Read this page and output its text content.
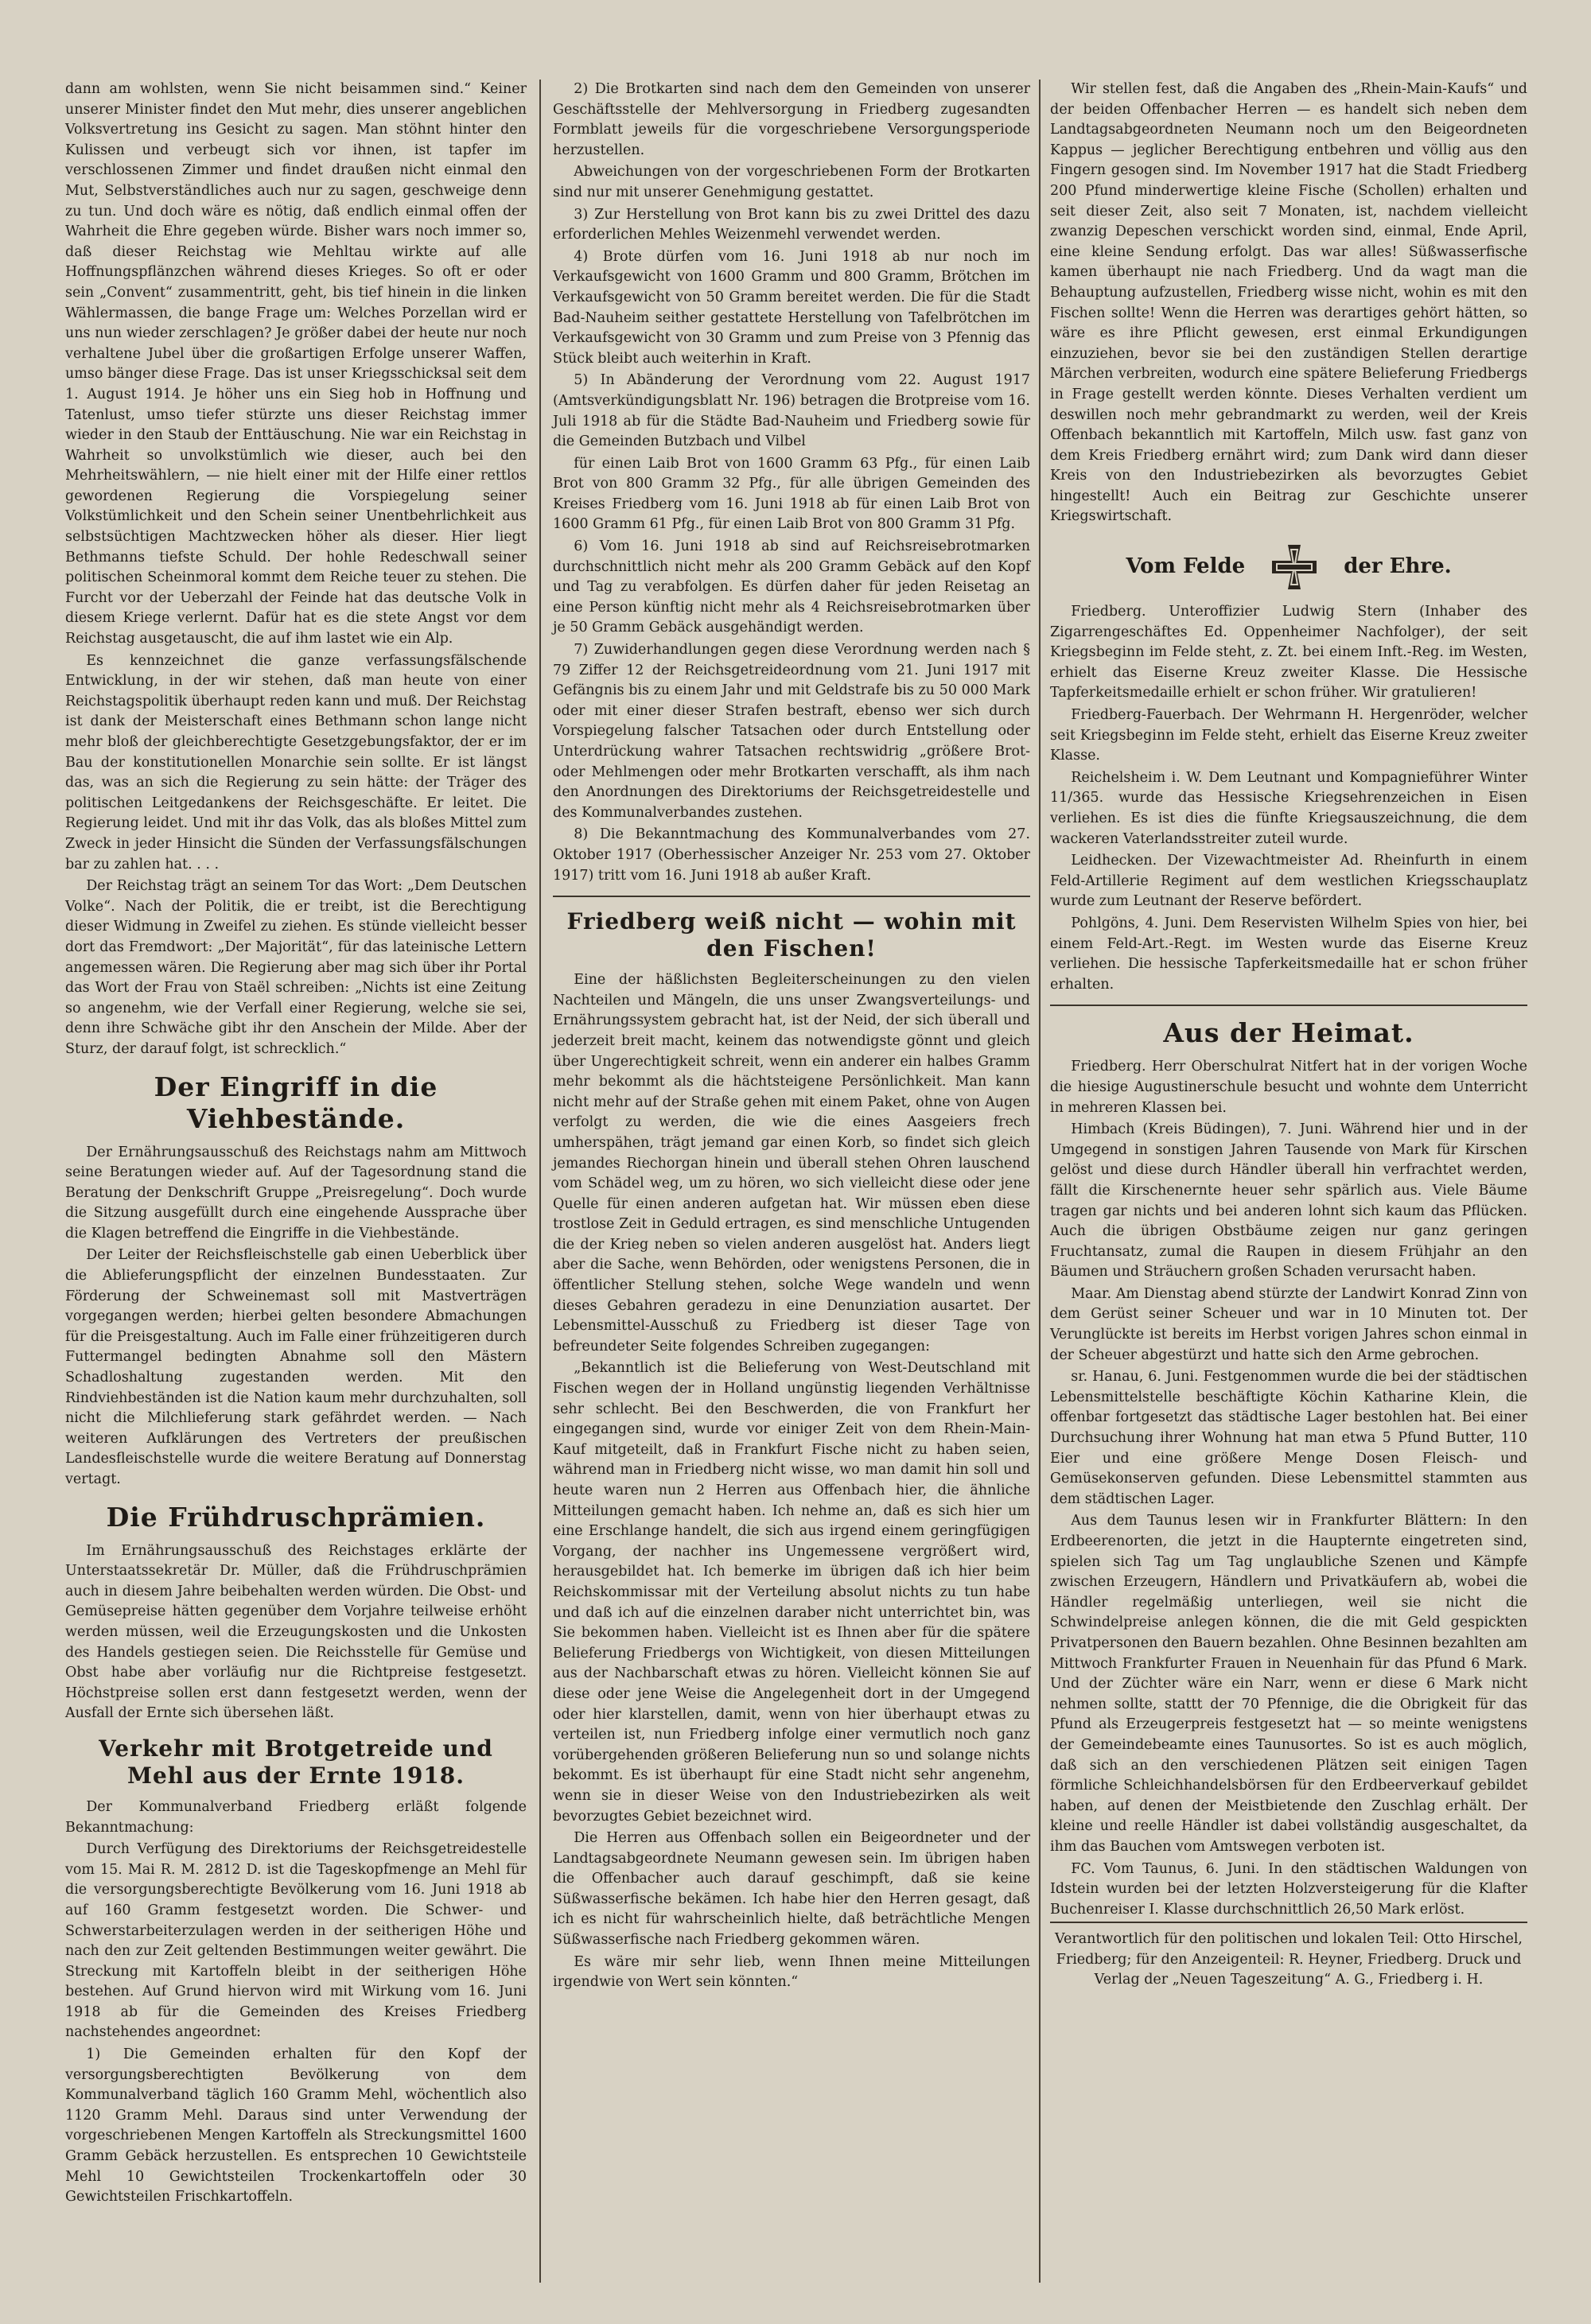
dann am wohlsten, wenn Sie nicht beisammen sind.“ Keiner unserer Minister findet den Mut mehr, dies unserer angeblichen Volksvertretung ins Gesicht zu sagen. Man stöhnt hinter den Kulissen und verbeugt sich vor ihnen, ist tapfer im verschlossenen Zimmer und findet draußen nicht einmal den Mut, Selbstverständliches auch nur zu sagen, geschweige denn zu tun. Und doch wäre es nötig, daß endlich einmal offen der Wahrheit die Ehre gegeben würde. Bisher wars noch immer so, daß dieser Reichstag wie Mehltau wirkte auf alle Hoffnungspflänzchen während dieses Krieges. So oft er oder sein „Convent“ zusammentritt, geht, bis tief hinein in die linken Wählermassen, die bange Frage um: Welches Porzellan wird er uns nun wieder zerschlagen? Je größer dabei der heute nur noch verhaltene Jubel über die großartigen Erfolge unserer Waffen, umso bänger diese Frage. Das ist unser Kriegsschicksal seit dem 1. August 1914. Je höher uns ein Sieg hob in Hoffnung und Tatenlust, umso tiefer stürzte uns dieser Reichstag immer wieder in den Staub der Enttäuschung. Nie war ein Reichstag in Wahrheit so unvolkstümlich wie dieser, auch bei den Mehrheitswählern, — nie hielt einer mit der Hilfe einer rettlos gewordenen Regierung die Vorspiegelung seiner Volkstümlichkeit und den Schein seiner Unentbehrlichkeit aus selbstsüchtigen Machtzwecken höher als dieser. Hier liegt Bethmanns tiefste Schuld. Der hohle Redeschwall seiner politischen Scheinmoral kommt dem Reiche teuer zu stehen. Die Furcht vor der Ueberzahl der Feinde hat das deutsche Volk in diesem Kriege verlernt. Dafür hat es die stete Angst vor dem Reichstag ausgetauscht, die auf ihm lastet wie ein Alp.

Es kennzeichnet die ganze verfassungsfälschende Entwicklung, in der wir stehen, daß man heute von einer Reichstagspolitik überhaupt reden kann und muß. Der Reichstag ist dank der Meisterschaft eines Bethmann schon lange nicht mehr bloß der gleichberechtigte Gesetzgebungsfaktor, der er im Bau der konstitutionellen Monarchie sein sollte. Er ist längst das, was an sich die Regierung zu sein hätte: der Träger des politischen Leitgedankens der Reichsgeschäfte. Er leitet. Die Regierung leidet. Und mit ihr das Volk, das als bloßes Mittel zum Zweck in jeder Hinsicht die Sünden der Verfassungsfälschungen bar zu zahlen hat. . . .

Der Reichstag trägt an seinem Tor das Wort: „Dem Deutschen Volke“. Nach der Politik, die er treibt, ist die Berechtigung dieser Widmung in Zweifel zu ziehen. Es stünde vielleicht besser dort das Fremdwort: „Der Majorität“, für das lateinische Lettern angemessen wären. Die Regierung aber mag sich über ihr Portal das Wort der Frau von Staël schreiben: „Nichts ist eine Zeitung so angenehm, wie der Verfall einer Regierung, welche sie sei, denn ihre Schwäche gibt ihr den Anschein der Milde. Aber der Sturz, der darauf folgt, ist schrecklich.“

Der Eingriff in die Viehbestände.

Der Ernährungsausschuß des Reichstags nahm am Mittwoch seine Beratungen wieder auf. Auf der Tagesordnung stand die Beratung der Denkschrift Gruppe „Preisregelung“. Doch wurde die Sitzung ausgefüllt durch eine eingehende Aussprache über die Klagen betreffend die Eingriffe in die Viehbestände.

Der Leiter der Reichsfleischstelle gab einen Ueberblick über die Ablieferungspflicht der einzelnen Bundesstaaten. Zur Förderung der Schweinemast soll mit Mastverträgen vorgegangen werden; hierbei gelten besondere Abmachungen für die Preisgestaltung. Auch im Falle einer frühzeitigeren durch Futtermangel bedingten Abnahme soll den Mästern Schadloshaltung zugestanden werden. Mit den Rindviehbeständen ist die Nation kaum mehr durchzuhalten, soll nicht die Milchlieferung stark gefährdet werden. — Nach weiteren Aufklärungen des Vertreters der preußischen Landesfleischstelle wurde die weitere Beratung auf Donnerstag vertagt.

Die Frühdruschprämien.

Im Ernährungsausschuß des Reichstages erklärte der Unterstaatssekretär Dr. Müller, daß die Frühdruschprämien auch in diesem Jahre beibehalten werden würden. Die Obst- und Gemüsepreise hätten gegenüber dem Vorjahre teilweise erhöht werden müssen, weil die Erzeugungskosten und die Unkosten des Handels gestiegen seien. Die Reichsstelle für Gemüse und Obst habe aber vorläufig nur die Richtpreise festgesetzt. Höchstpreise sollen erst dann festgesetzt werden, wenn der Ausfall der Ernte sich übersehen läßt.

Verkehr mit Brotgetreide und Mehl aus der Ernte 1918.

Der Kommunalverband Friedberg erläßt folgende Bekanntmachung:

Durch Verfügung des Direktoriums der Reichsgetreidestelle vom 15. Mai R. M. 2812 D. ist die Tageskopfmenge an Mehl für die versorgungsberechtigte Bevölkerung vom 16. Juni 1918 ab auf 160 Gramm festgesetzt worden. Die Schwer- und Schwerstarbeiterzulagen werden in der seitherigen Höhe und nach den zur Zeit geltenden Bestimmungen weiter gewährt. Die Streckung mit Kartoffeln bleibt in der seitherigen Höhe bestehen. Auf Grund hiervon wird mit Wirkung vom 16. Juni 1918 ab für die Gemeinden des Kreises Friedberg nachstehendes angeordnet:

1) Die Gemeinden erhalten für den Kopf der versorgungsberechtigten Bevölkerung von dem Kommunalverband täglich 160 Gramm Mehl, wöchentlich also 1120 Gramm Mehl. Daraus sind unter Verwendung der vorgeschriebenen Mengen Kartoffeln als Streckungsmittel 1600 Gramm Gebäck herzustellen. Es entsprechen 10 Gewichtsteile Mehl 10 Gewichtsteilen Trockenkartoffeln oder 30 Gewichtsteilen Frischkartoffeln.

2) Die Brotkarten sind nach dem den Gemeinden von unserer Geschäftsstelle der Mehlversorgung in Friedberg zugesandten Formblatt jeweils für die vorgeschriebene Versorgungsperiode herzustellen.

Abweichungen von der vorgeschriebenen Form der Brotkarten sind nur mit unserer Genehmigung gestattet.

3) Zur Herstellung von Brot kann bis zu zwei Drittel des dazu erforderlichen Mehles Weizenmehl verwendet werden.

4) Brote dürfen vom 16. Juni 1918 ab nur noch im Verkaufsgewicht von 1600 Gramm und 800 Gramm, Brötchen im Verkaufsgewicht von 50 Gramm bereitet werden. Die für die Stadt Bad-Nauheim seither gestattete Herstellung von Tafelbrötchen im Verkaufsgewicht von 30 Gramm und zum Preise von 3 Pfennig das Stück bleibt auch weiterhin in Kraft.

5) In Abänderung der Verordnung vom 22. August 1917 (Amtsverkündigungsblatt Nr. 196) betragen die Brotpreise vom 16. Juli 1918 ab für die Städte Bad-Nauheim und Friedberg sowie für die Gemeinden Butzbach und Vilbel

für einen Laib Brot von 1600 Gramm 63 Pfg., für einen Laib Brot von 800 Gramm 32 Pfg., für alle übrigen Gemeinden des Kreises Friedberg vom 16. Juni 1918 ab für einen Laib Brot von 1600 Gramm 61 Pfg., für einen Laib Brot von 800 Gramm 31 Pfg.

6) Vom 16. Juni 1918 ab sind auf Reichsreisebrotmarken durchschnittlich nicht mehr als 200 Gramm Gebäck auf den Kopf und Tag zu verabfolgen. Es dürfen daher für jeden Reisetag an eine Person künftig nicht mehr als 4 Reichsreisebrotmarken über je 50 Gramm Gebäck ausgehändigt werden.

7) Zuwiderhandlungen gegen diese Verordnung werden nach § 79 Ziffer 12 der Reichsgetreideordnung vom 21. Juni 1917 mit Gefängnis bis zu einem Jahr und mit Geldstrafe bis zu 50 000 Mark oder mit einer dieser Strafen bestraft, ebenso wer sich durch Vorspiegelung falscher Tatsachen oder durch Entstellung oder Unterdrückung wahrer Tatsachen rechtswidrig „größere Brot- oder Mehlmengen oder mehr Brotkarten verschafft, als ihm nach den Anordnungen des Direktoriums der Reichsgetreidestelle und des Kommunalverbandes zustehen.

8) Die Bekanntmachung des Kommunalverbandes vom 27. Oktober 1917 (Oberhessischer Anzeiger Nr. 253 vom 27. Oktober 1917) tritt vom 16. Juni 1918 ab außer Kraft.

Friedberg weiß nicht — wohin mit den Fischen!

Eine der häßlichsten Begleiterscheinungen zu den vielen Nachteilen und Mängeln, die uns unser Zwangsverteilungs- und Ernährungssystem gebracht hat, ist der Neid, der sich überall und jederzeit breit macht, keinem das notwendigste gönnt und gleich über Ungerechtigkeit schreit, wenn ein anderer ein halbes Gramm mehr bekommt als die hächtsteigene Persönlichkeit. Man kann nicht mehr auf der Straße gehen mit einem Paket, ohne von Augen verfolgt zu werden, die wie die eines Aasgeiers frech umherspähen, trägt jemand gar einen Korb, so findet sich gleich jemandes Riechorgan hinein und überall stehen Ohren lauschend vom Schädel weg, um zu hören, wo sich vielleicht diese oder jene Quelle für einen anderen aufgetan hat. Wir müssen eben diese trostlose Zeit in Geduld ertragen, es sind menschliche Untugenden die der Krieg neben so vielen anderen ausgelöst hat. Anders liegt aber die Sache, wenn Behörden, oder wenigstens Personen, die in öffentlicher Stellung stehen, solche Wege wandeln und wenn dieses Gebahren geradezu in eine Denunziation ausartet. Der Lebensmittel-Ausschuß zu Friedberg ist dieser Tage von befreundeter Seite folgendes Schreiben zugegangen:

„Bekanntlich ist die Belieferung von West-Deutschland mit Fischen wegen der in Holland ungünstig liegenden Verhältnisse sehr schlecht. Bei den Beschwerden, die von Frankfurt her eingegangen sind, wurde vor einiger Zeit von dem Rhein-Main-Kauf mitgeteilt, daß in Frankfurt Fische nicht zu haben seien, während man in Friedberg nicht wisse, wo man damit hin soll und heute waren nun 2 Herren aus Offenbach hier, die ähnliche Mitteilungen gemacht haben. Ich nehme an, daß es sich hier um eine Erschlange handelt, die sich aus irgend einem geringfügigen Vorgang, der nachher ins Ungemessene vergrößert wird, herausgebildet hat. Ich bemerke im übrigen daß ich hier beim Reichskommissar mit der Verteilung absolut nichts zu tun habe und daß ich auf die einzelnen daraber nicht unterrichtet bin, was Sie bekommen haben. Vielleicht ist es Ihnen aber für die spätere Belieferung Friedbergs von Wichtigkeit, von diesen Mitteilungen aus der Nachbarschaft etwas zu hören. Vielleicht können Sie auf diese oder jene Weise die Angelegenheit dort in der Umgegend oder hier klarstellen, damit, wenn von hier überhaupt etwas zu verteilen ist, nun Friedberg infolge einer vermutlich noch ganz vorübergehenden größeren Belieferung nun so und solange nichts bekommt. Es ist überhaupt für eine Stadt nicht sehr angenehm, wenn sie in dieser Weise von den Industriebezirken als weit bevorzugtes Gebiet bezeichnet wird.

Die Herren aus Offenbach sollen ein Beigeordneter und der Landtagsabgeordnete Neumann gewesen sein. Im übrigen haben die Offenbacher auch darauf geschimpft, daß sie keine Süßwasserfische bekämen. Ich habe hier den Herren gesagt, daß ich es nicht für wahrscheinlich hielte, daß beträchtliche Mengen Süßwasserfische nach Friedberg gekommen wären.

Es wäre mir sehr lieb, wenn Ihnen meine Mitteilungen irgendwie von Wert sein könnten.“

Wir stellen fest, daß die Angaben des „Rhein-Main-Kaufs“ und der beiden Offenbacher Herren — es handelt sich neben dem Landtagsabgeordneten Neumann noch um den Beigeordneten Kappus — jeglicher Berechtigung entbehren und völlig aus den Fingern gesogen sind. Im November 1917 hat die Stadt Friedberg 200 Pfund minderwertige kleine Fische (Schollen) erhalten und seit dieser Zeit, also seit 7 Monaten, ist, nachdem vielleicht zwanzig Depeschen verschickt worden sind, einmal, Ende April, eine kleine Sendung erfolgt. Das war alles! Süßwasserfische kamen überhaupt nie nach Friedberg. Und da wagt man die Behauptung aufzustellen, Friedberg wisse nicht, wohin es mit den Fischen sollte! Wenn die Herren was derartiges gehört hätten, so wäre es ihre Pflicht gewesen, erst einmal Erkundigungen einzuziehen, bevor sie bei den zuständigen Stellen derartige Märchen verbreiten, wodurch eine spätere Belieferung Friedbergs in Frage gestellt werden könnte. Dieses Verhalten verdient um deswillen noch mehr gebrandmarkt zu werden, weil der Kreis Offenbach bekanntlich mit Kartoffeln, Milch usw. fast ganz von dem Kreis Friedberg ernährt wird; zum Dank wird dann dieser Kreis von den Industriebezirken als bevorzugtes Gebiet hingestellt! Auch ein Beitrag zur Geschichte unserer Kriegswirtschaft.

Vom Felde	der Ehre.

Friedberg. Unteroffizier Ludwig Stern (Inhaber des Zigarrengeschäftes Ed. Oppenheimer Nachfolger), der seit Kriegsbeginn im Felde steht, z. Zt. bei einem Inft.-Reg. im Westen, erhielt das Eiserne Kreuz zweiter Klasse. Die Hessische Tapferkeitsmedaille erhielt er schon früher. Wir gratulieren!

Friedberg-Fauerbach. Der Wehrmann H. Hergenröder, welcher seit Kriegsbeginn im Felde steht, erhielt das Eiserne Kreuz zweiter Klasse.

Reichelsheim i. W. Dem Leutnant und Kompagnieführer Winter 11/365. wurde das Hessische Kriegsehrenzeichen in Eisen verliehen. Es ist dies die fünfte Kriegsauszeichnung, die dem wackeren Vaterlandsstreiter zuteil wurde.

Leidhecken. Der Vizewachtmeister Ad. Rheinfurth in einem Feld-Artillerie Regiment auf dem westlichen Kriegsschauplatz wurde zum Leutnant der Reserve befördert.

Pohlgöns, 4. Juni. Dem Reservisten Wilhelm Spies von hier, bei einem Feld-Art.-Regt. im Westen wurde das Eiserne Kreuz verliehen. Die hessische Tapferkeitsmedaille hat er schon früher erhalten.

Aus der Heimat.

Friedberg. Herr Oberschulrat Nitfert hat in der vorigen Woche die hiesige Augustinerschule besucht und wohnte dem Unterricht in mehreren Klassen bei.

Himbach (Kreis Büdingen), 7. Juni. Während hier und in der Umgegend in sonstigen Jahren Tausende von Mark für Kirschen gelöst und diese durch Händler überall hin verfrachtet werden, fällt die Kirschenernte heuer sehr spärlich aus. Viele Bäume tragen gar nichts und bei anderen lohnt sich kaum das Pflücken. Auch die übrigen Obstbäume zeigen nur ganz geringen Fruchtansatz, zumal die Raupen in diesem Frühjahr an den Bäumen und Sträuchern großen Schaden verursacht haben.

Maar. Am Dienstag abend stürzte der Landwirt Konrad Zinn von dem Gerüst seiner Scheuer und war in 10 Minuten tot. Der Verunglückte ist bereits im Herbst vorigen Jahres schon einmal in der Scheuer abgestürzt und hatte sich den Arme gebrochen.

sr. Hanau, 6. Juni. Festgenommen wurde die bei der städtischen Lebensmittelstelle beschäftigte Köchin Katharine Klein, die offenbar fortgesetzt das städtische Lager bestohlen hat. Bei einer Durchsuchung ihrer Wohnung hat man etwa 5 Pfund Butter, 110 Eier und eine größere Menge Dosen Fleisch- und Gemüsekonserven gefunden. Diese Lebensmittel stammten aus dem städtischen Lager.

Aus dem Taunus lesen wir in Frankfurter Blättern: In den Erdbeerenorten, die jetzt in die Haupternte eingetreten sind, spielen sich Tag um Tag unglaubliche Szenen und Kämpfe zwischen Erzeugern, Händlern und Privatkäufern ab, wobei die Händler regelmäßig unterliegen, weil sie nicht die Schwindelpreise anlegen können, die die mit Geld gespickten Privatpersonen den Bauern bezahlen. Ohne Besinnen bezahlten am Mittwoch Frankfurter Frauen in Neuenhain für das Pfund 6 Mark. Und der Züchter wäre ein Narr, wenn er diese 6 Mark nicht nehmen sollte, stattt der 70 Pfennige, die die Obrigkeit für das Pfund als Erzeugerpreis festgesetzt hat — so meinte wenigstens der Gemeindebeamte eines Taunusortes. So ist es auch möglich, daß sich an den verschiedenen Plätzen seit einigen Tagen förmliche Schleichhandelsbörsen für den Erdbeerverkauf gebildet haben, auf denen der Meistbietende den Zuschlag erhält. Der kleine und reelle Händler ist dabei vollständig ausgeschaltet, da ihm das Bauchen vom Amtswegen verboten ist.

FC. Vom Taunus, 6. Juni. In den städtischen Waldungen von Idstein wurden bei der letzten Holzversteigerung für die Klafter Buchenreiser I. Klasse durchschnittlich 26,50 Mark erlöst.

Verantwortlich für den politischen und lokalen Teil: Otto Hirschel, Friedberg; für den Anzeigenteil: R. Heyner, Friedberg. Druck und Verlag der „Neuen Tageszeitung“ A. G., Friedberg i. H.
